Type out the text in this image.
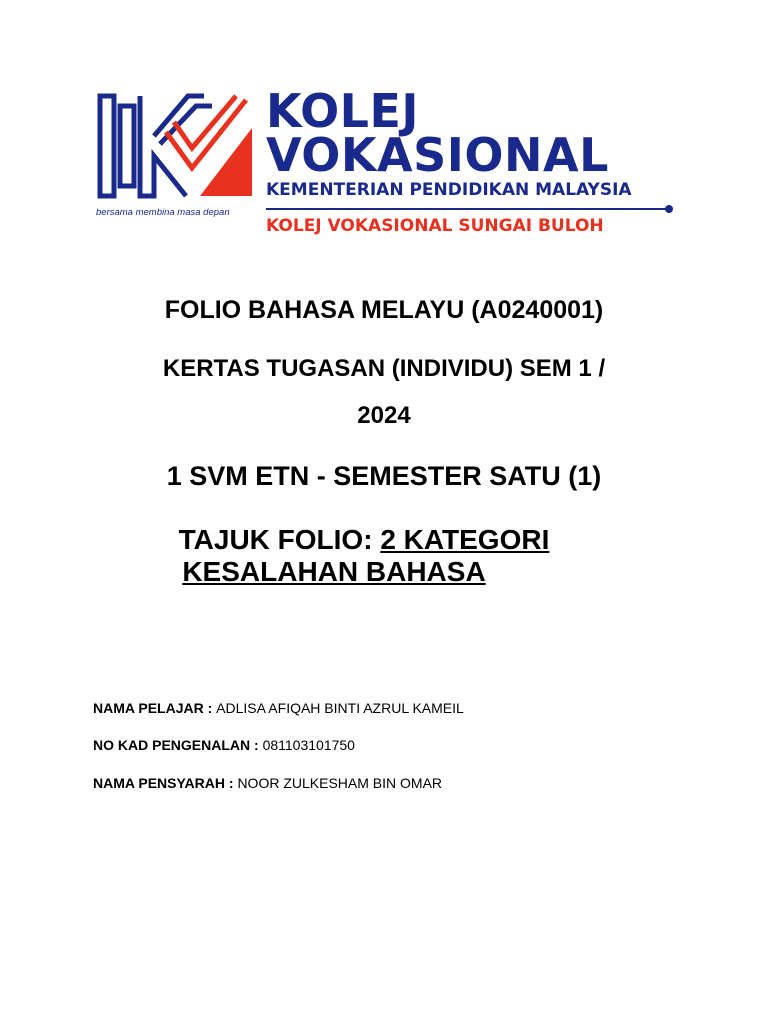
bersama membina masa depan
KOLEJ
VOKASIONAL
KEMENTERIAN PENDIDIKAN MALAYSIA
KOLEJ VOKASIONAL SUNGAI BULOH
FOLIO BAHASA MELAYU (A0240001)
KERTAS TUGASAN (INDIVIDU) SEM 1 /
2024
1 SVM ETN - SEMESTER SATU (1)
TAJUK FOLIO: 2 KATEGORI
KESALAHAN BAHASA
NAMA PELAJAR : ADLISA AFIQAH BINTI AZRUL KAMEIL
NO KAD PENGENALAN : 081103101750
NAMA PENSYARAH : NOOR ZULKESHAM BIN OMAR
